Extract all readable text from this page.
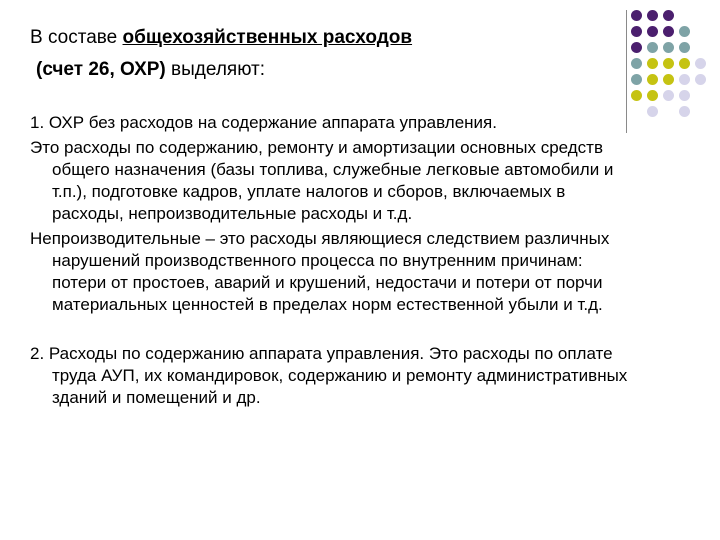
В составе общехозяйственных расходов

(счет 26, ОХР) выделяют:

1. ОХР без расходов на содержание аппарата управления.

Это расходы по содержанию, ремонту и амортизации основных средств общего назначения (базы топлива, служебные легковые автомобили и т.п.), подготовке кадров, уплате налогов и сборов, включаемых в расходы, непроизводительные расходы и т.д.

Непроизводительные – это расходы являющиеся следствием различных нарушений производственного процесса по внутренним причинам: потери от простоев, аварий и крушений, недостачи и потери от порчи материальных ценностей в пределах норм естественной убыли и т.д.

2. Расходы по содержанию аппарата управления. Это расходы по оплате труда АУП, их командировок, содержанию и ремонту административных зданий и помещений и др.
